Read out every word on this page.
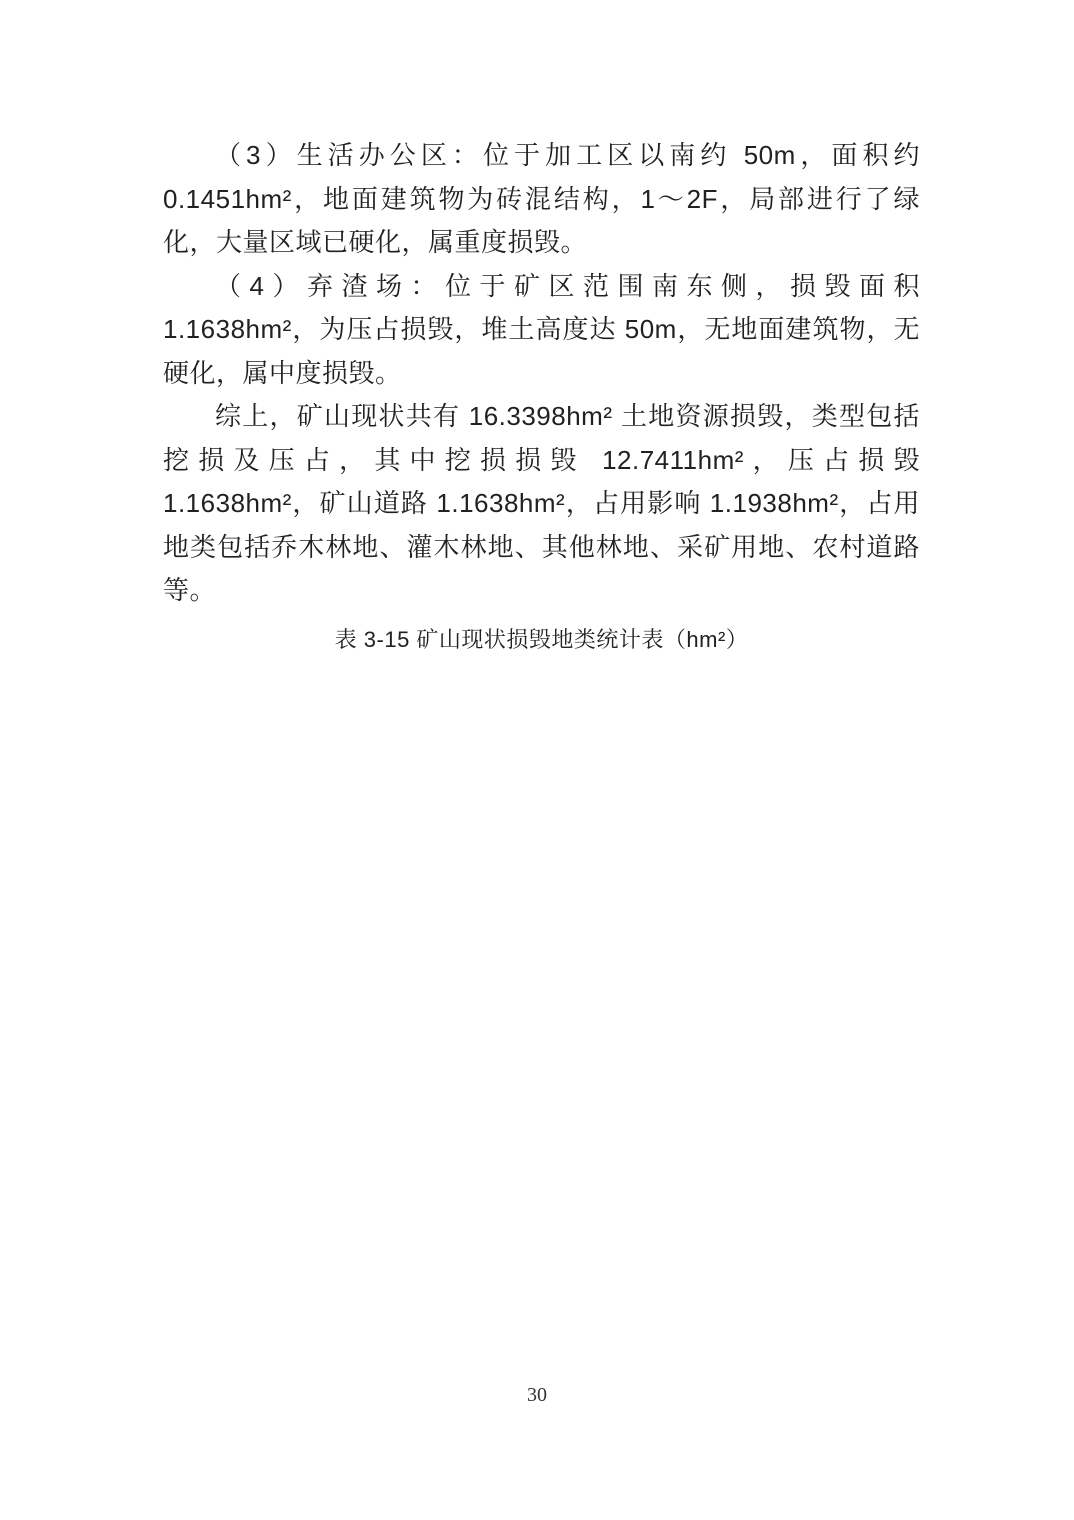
（3）生活办公区：位于加工区以南约 50m，面积约 0.1451hm²，地面建筑物为砖混结构，1～2F，局部进行了绿化，大量区域已硬化，属重度损毁。

（4）弃渣场：位于矿区范围南东侧，损毁面积 1.1638hm²，为压占损毁，堆土高度达 50m，无地面建筑物，无硬化，属中度损毁。

综上，矿山现状共有 16.3398hm² 土地资源损毁，类型包括挖损及压占，其中挖损损毁 12.7411hm²，压占损毁 1.1638hm²，矿山道路 1.1638hm²，占用影响 1.1938hm²，占用地类包括乔木林地、灌木林地、其他林地、采矿用地、农村道路等。

表 3-15 矿山现状损毁地类统计表（hm²）

30
